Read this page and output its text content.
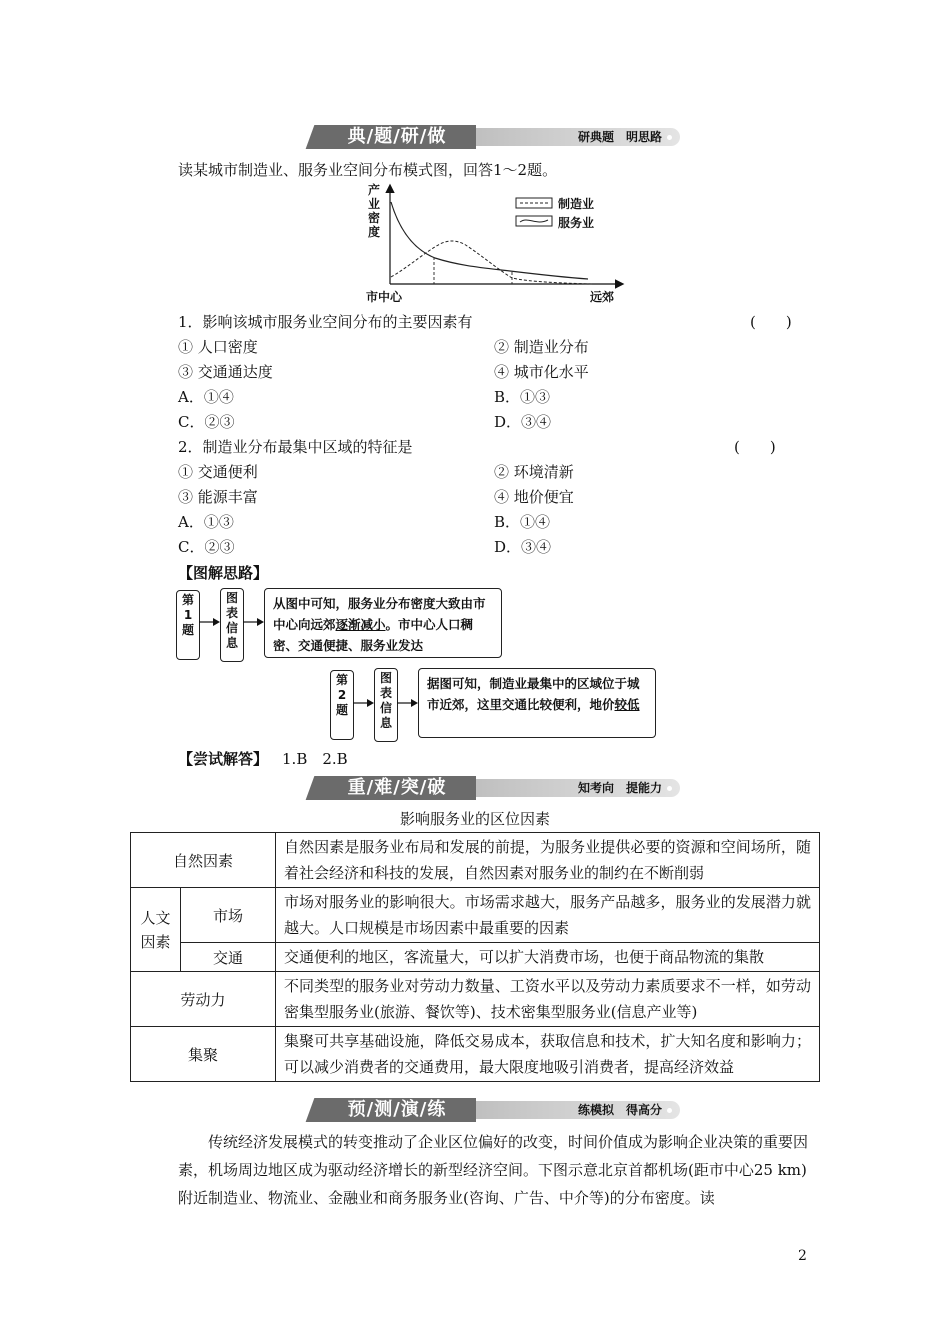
典/题/研/做	研典题　明思路
读某城市制造业、服务业空间分布模式图，回答1～2题。
产业密度
制造业
服务业
市中心	远郊
1．影响该城市服务业空间分布的主要因素有	(　　)
① 人口密度	② 制造业分布
③ 交通通达度	④ 城市化水平
A．①④	B．①③
C．②③	D．③④
2．制造业分布最集中区域的特征是	(　　)
① 交通便利	② 环境清新
③ 能源丰富	④ 地价便宜
A．①③	B．①④
C．②③	D．③④
【图解思路】
第
1
题
图
表
信
息
从图中可知，服务业分布密度大致由市中心向远郊逐渐减小。市中心人口稠密、交通便捷、服务业发达
第
2
题
图
表
信
息
据图可知，制造业最集中的区域位于城市近郊，这里交通比较便利，地价较低
【尝试解答】 1.B　2.B
重/难/突/破	知考向　提能力
影响服务业的区位因素
自然因素		自然因素是服务业布局和发展的前提，为服务业提供必要的资源和空间场所，随着社会经济和科技的发展，自然因素对服务业的制约在不断削弱
人文因素	市场	市场对服务业的影响很大。市场需求越大，服务产品越多，服务业的发展潜力就越大。人口规模是市场因素中最重要的因素
	交通	交通便利的地区，客流量大，可以扩大消费市场，也便于商品物流的集散
劳动力		不同类型的服务业对劳动力数量、工资水平以及劳动力素质要求不一样，如劳动密集型服务业(旅游、餐饮等)、技术密集型服务业(信息产业等)
集聚		集聚可共享基础设施，降低交易成本，获取信息和技术，扩大知名度和影响力；可以减少消费者的交通费用，最大限度地吸引消费者，提高经济效益
预/测/演/练	练模拟　得高分
传统经济发展模式的转变推动了企业区位偏好的改变，时间价值成为影响企业决策的重要因素，机场周边地区成为驱动经济增长的新型经济空间。下图示意北京首都机场(距市中心25 km)附近制造业、物流业、金融业和商务服务业(咨询、广告、中介等)的分布密度。读
2
